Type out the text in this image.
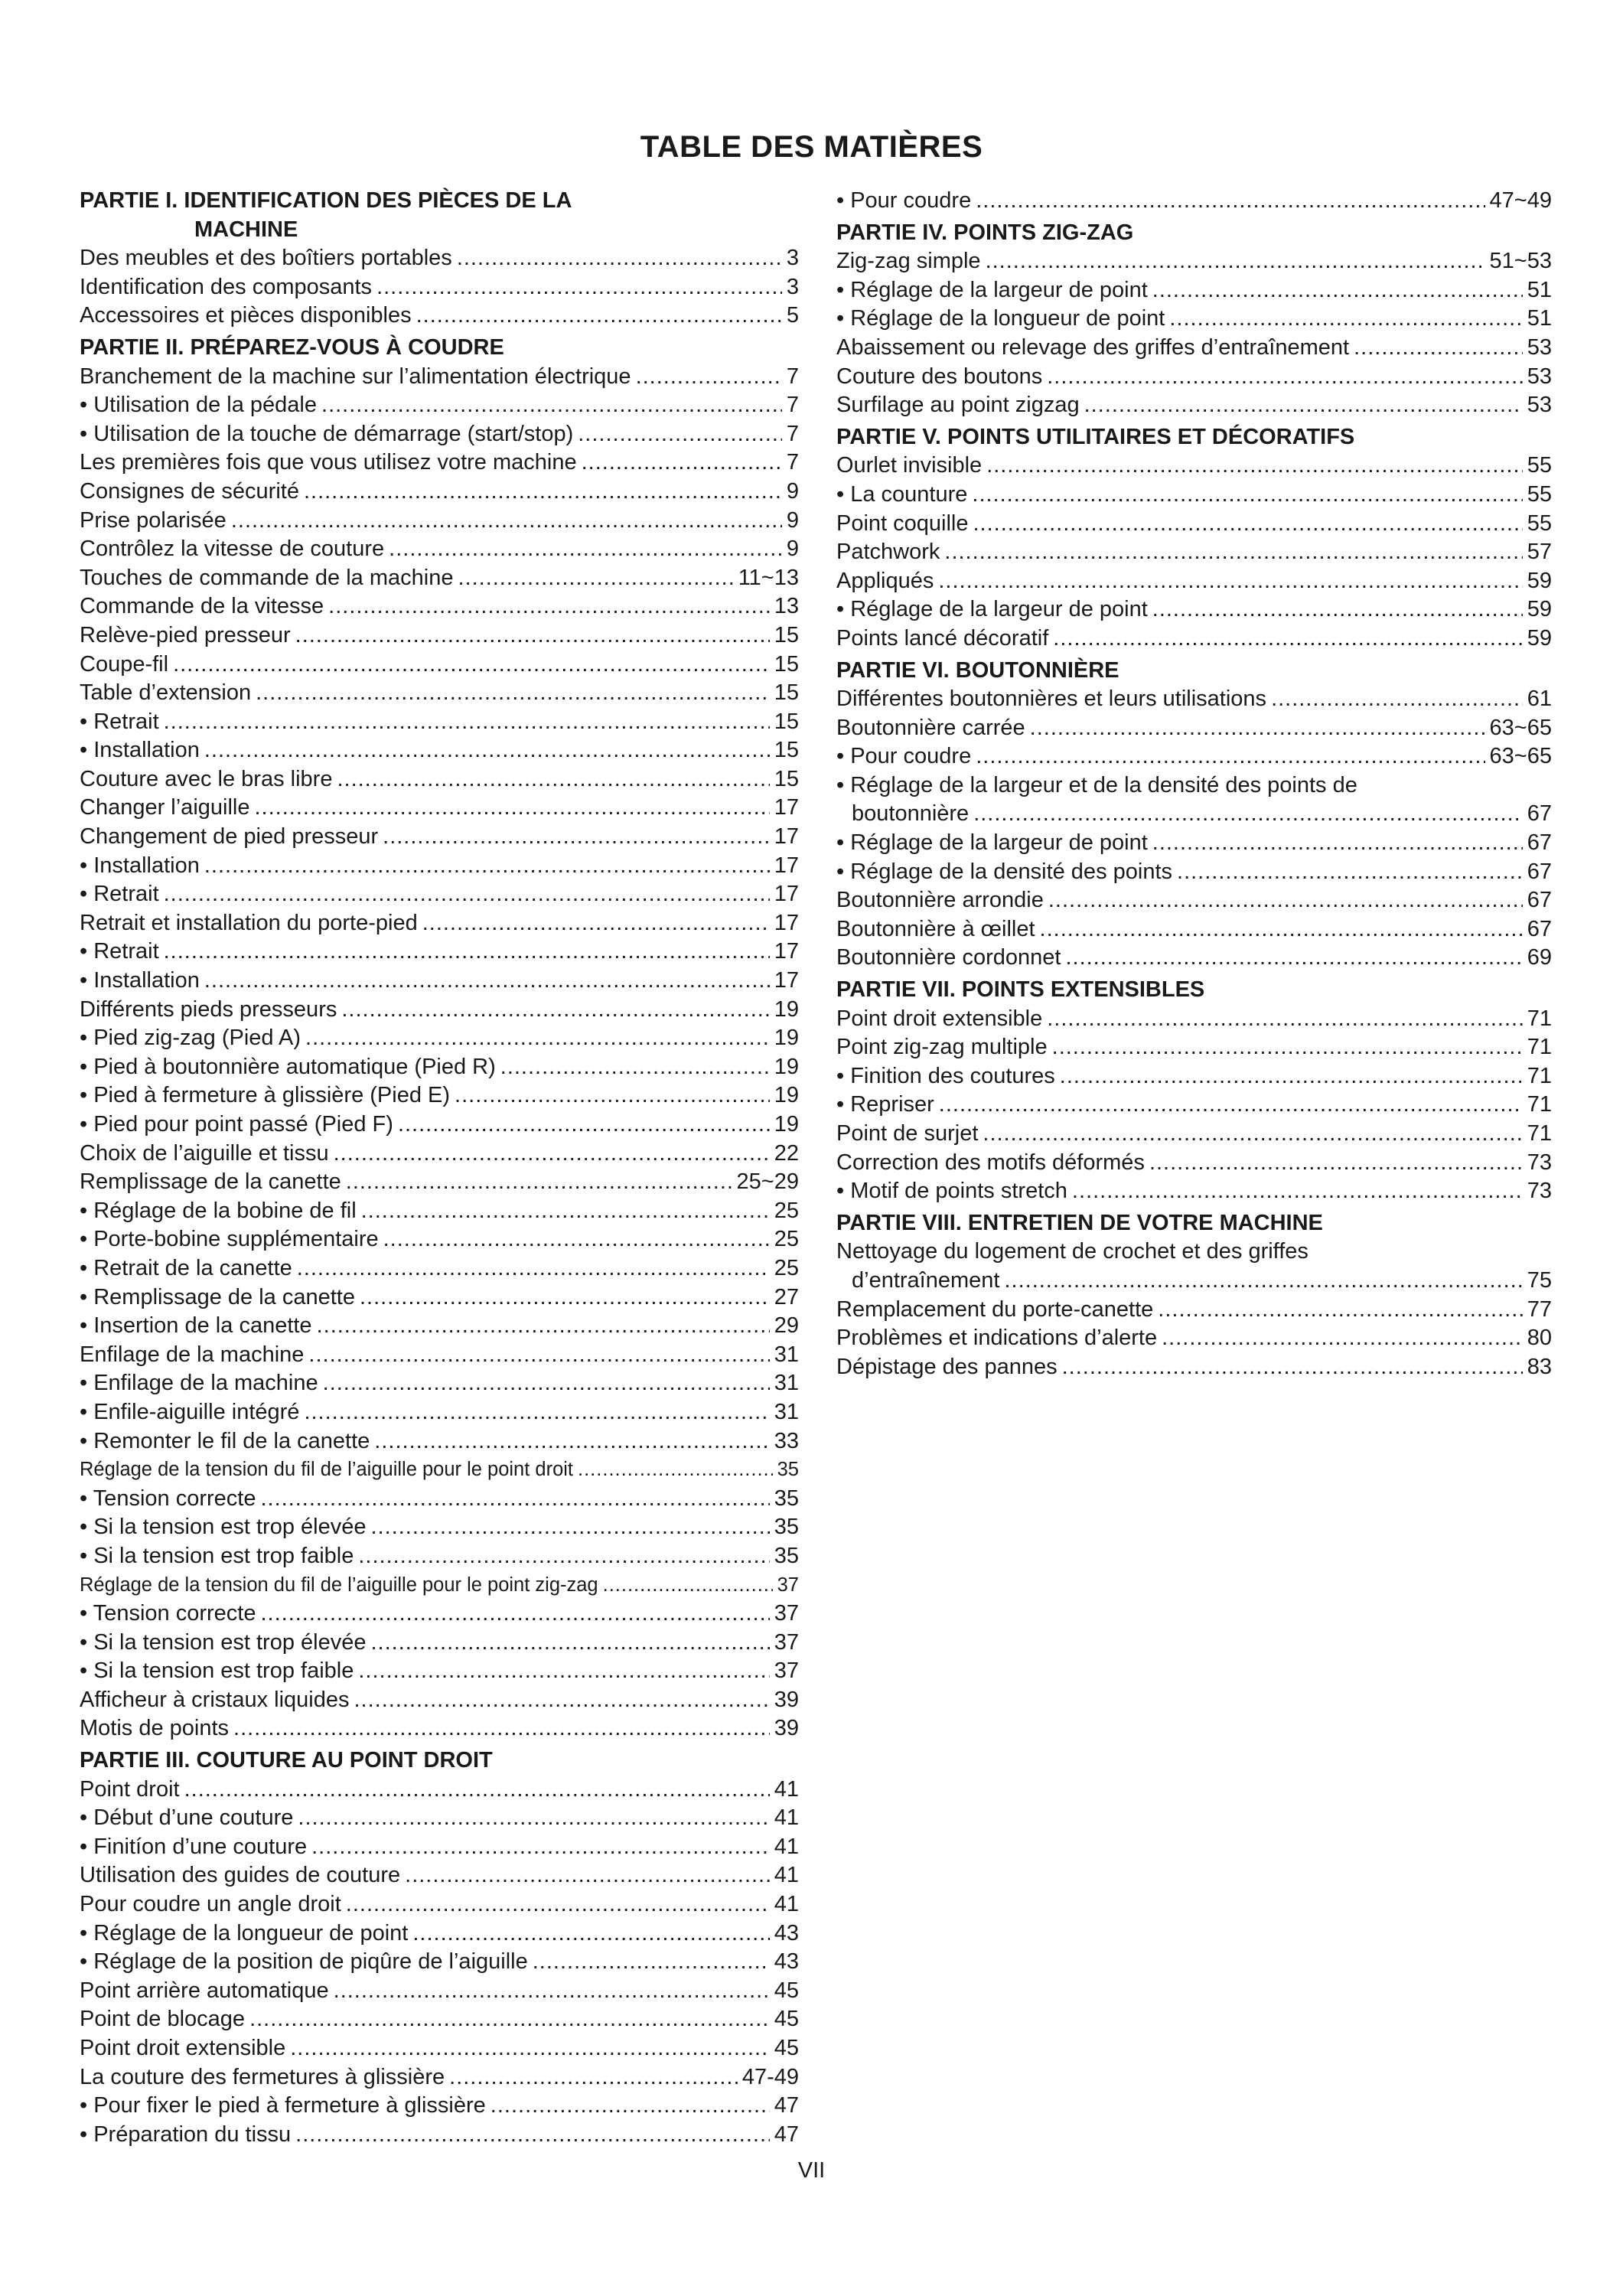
TABLE DES MATIÈRES
PARTIE I. IDENTIFICATION DES PIÈCES DE LA
MACHINE
Des meubles et des boîtiers portables .....	3
Identification des composants .....	3
Accessoires et pièces disponibles .....	5
PARTIE II. PRÉPAREZ-VOUS À COUDRE
Branchement de la machine sur l’alimentation électrique .....	7
• Utilisation de la pédale .....	7
• Utilisation de la touche de démarrage (start/stop) .....	7
Les premières fois que vous utilisez votre machine .....	7
Consignes de sécurité .....	9
Prise polarisée .....	9
Contrôlez la vitesse de couture .....	9
Touches de commande de la machine .....	11~13
Commande de la vitesse .....	13
Relève-pied presseur .....	15
Coupe-fil .....	15
Table d’extension .....	15
• Retrait .....	15
• Installation .....	15
Couture avec le bras libre .....	15
Changer l’aiguille .....	17
Changement de pied presseur .....	17
• Installation .....	17
• Retrait .....	17
Retrait et installation du porte-pied .....	17
• Retrait .....	17
• Installation .....	17
Différents pieds presseurs .....	19
• Pied zig-zag (Pied A) .....	19
• Pied à boutonnière automatique (Pied R) .....	19
• Pied à fermeture à glissière (Pied E) .....	19
• Pied pour point passé (Pied F) .....	19
Choix de l’aiguille et tissu .....	22
Remplissage de la canette .....	25~29
• Réglage de la bobine de fil .....	25
• Porte-bobine supplémentaire .....	25
• Retrait de la canette .....	25
• Remplissage de la canette .....	27
• Insertion de la canette .....	29
Enfilage de la machine .....	31
• Enfilage de la machine .....	31
• Enfile-aiguille intégré .....	31
• Remonter le fil de la canette .....	33
Réglage de la tension du fil de l’aiguille pour le point droit .....	35
• Tension correcte .....	35
• Si la tension est trop élevée .....	35
• Si la tension est trop faible .....	35
Réglage de la tension du fil de l’aiguille pour le point zig-zag .....	37
• Tension correcte .....	37
• Si la tension est trop élevée .....	37
• Si la tension est trop faible .....	37
Afficheur à cristaux liquides .....	39
Motis de points .....	39
PARTIE III. COUTURE AU POINT DROIT
Point droit .....	41
• Début d’une couture .....	41
• Finitíon d’une couture .....	41
Utilisation des guides de couture .....	41
Pour coudre un angle droit .....	41
• Réglage de la longueur de point .....	43
• Réglage de la position de piqûre de l’aiguille .....	43
Point arrière automatique .....	45
Point de blocage .....	45
Point droit extensible .....	45
La couture des fermetures à glissière .....	47-49
• Pour fixer le pied à fermeture à glissière .....	47
• Préparation du tissu .....	47
• Pour coudre .....	47~49
PARTIE IV. POINTS ZIG-ZAG
Zig-zag simple .....	51~53
• Réglage de la largeur de point .....	51
• Réglage de la longueur de point .....	51
Abaissement ou relevage des griffes d’entraînement .....	53
Couture des boutons .....	53
Surfilage au point zigzag .....	53
PARTIE V. POINTS UTILITAIRES ET DÉCORATIFS
Ourlet invisible .....	55
• La counture .....	55
Point coquille .....	55
Patchwork .....	57
Appliqués .....	59
• Réglage de la largeur de point .....	59
Points lancé décoratif .....	59
PARTIE VI. BOUTONNIÈRE
Différentes boutonnières et leurs utilisations .....	61
Boutonnière carrée .....	63~65
• Pour coudre .....	63~65
• Réglage de la largeur et de la densité des points de
boutonnière .....	67
• Réglage de la largeur de point .....	67
• Réglage de la densité des points .....	67
Boutonnière arrondie .....	67
Boutonnière à œillet .....	67
Boutonnière cordonnet .....	69
PARTIE VII. POINTS EXTENSIBLES
Point droit extensible .....	71
Point zig-zag multiple .....	71
• Finition des coutures .....	71
• Repriser .....	71
Point de surjet .....	71
Correction des motifs déformés .....	73
• Motif de points stretch .....	73
PARTIE VIII. ENTRETIEN DE VOTRE MACHINE
Nettoyage du logement de crochet et des griffes
d’entraînement .....	75
Remplacement du porte-canette .....	77
Problèmes et indications d’alerte .....	80
Dépistage des pannes .....	83
VII
